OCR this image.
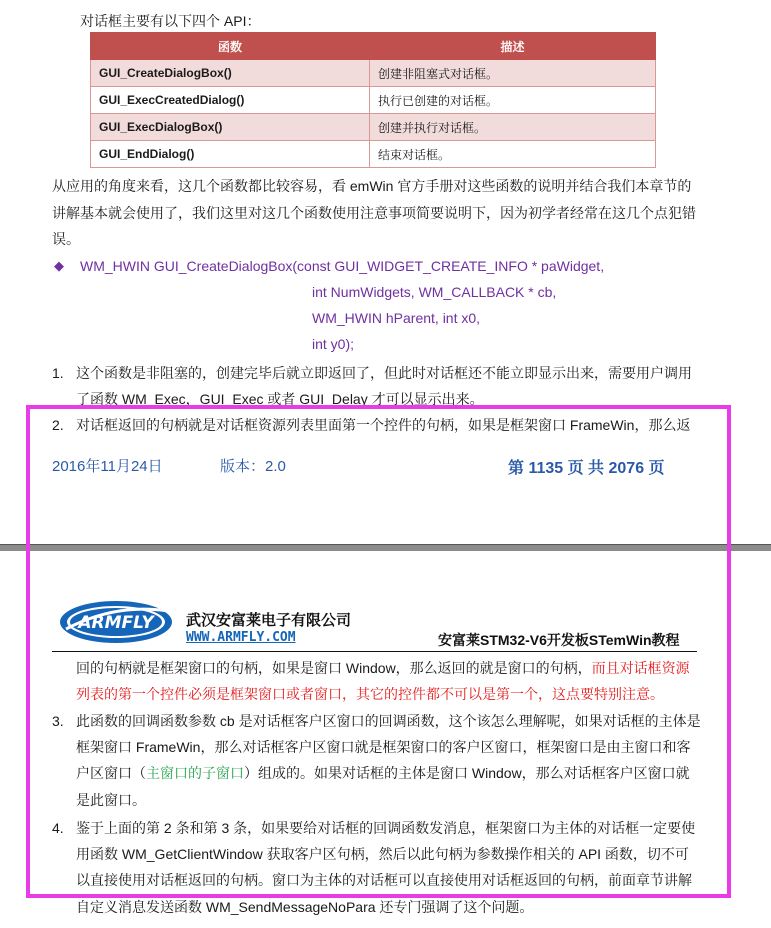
对话框主要有以下四个 API：
函数	描述
GUI_CreateDialogBox()	创建非阻塞式对话框。
GUI_ExecCreatedDialog()	执行已创建的对话框。
GUI_ExecDialogBox()	创建并执行对话框。
GUI_EndDialog()	结束对话框。
从应用的角度来看，这几个函数都比较容易，看 emWin 官方手册对这些函数的说明并结合我们本章节的
讲解基本就会使用了，我们这里对这几个函数使用注意事项简要说明下，因为初学者经常在这几个点犯错
误。
◆ WM_HWIN GUI_CreateDialogBox(const GUI_WIDGET_CREATE_INFO * paWidget,
int NumWidgets, WM_CALLBACK * cb,
WM_HWIN hParent, int x0,
int y0);
1. 这个函数是非阻塞的，创建完毕后就立即返回了，但此时对话框还不能立即显示出来，需要用户调用
了函数 WM_Exec，GUI_Exec 或者 GUI_Delay 才可以显示出来。
2. 对话框返回的句柄就是对话框资源列表里面第一个控件的句柄，如果是框架窗口 FrameWin，那么返
2016年11月24日	版本：2.0	第 1135 页 共 2076 页
ARMFLY 武汉安富莱电子有限公司
WWW.ARMFLY.COM	安富莱STM32-V6开发板STemWin教程
回的句柄就是框架窗口的句柄，如果是窗口 Window，那么返回的就是窗口的句柄，而且对话框资源
列表的第一个控件必须是框架窗口或者窗口，其它的控件都不可以是第一个，这点要特别注意。
3. 此函数的回调函数参数 cb 是对话框客户区窗口的回调函数，这个该怎么理解呢，如果对话框的主体是
框架窗口 FrameWin，那么对话框客户区窗口就是框架窗口的客户区窗口，框架窗口是由主窗口和客
户区窗口（主窗口的子窗口）组成的。如果对话框的主体是窗口 Window，那么对话框客户区窗口就
是此窗口。
4. 鉴于上面的第 2 条和第 3 条，如果要给对话框的回调函数发消息，框架窗口为主体的对话框一定要使
用函数 WM_GetClientWindow 获取客户区句柄，然后以此句柄为参数操作相关的 API 函数，切不可
以直接使用对话框返回的句柄。窗口为主体的对话框可以直接使用对话框返回的句柄，前面章节讲解
自定义消息发送函数 WM_SendMessageNoPara 还专门强调了这个问题。
